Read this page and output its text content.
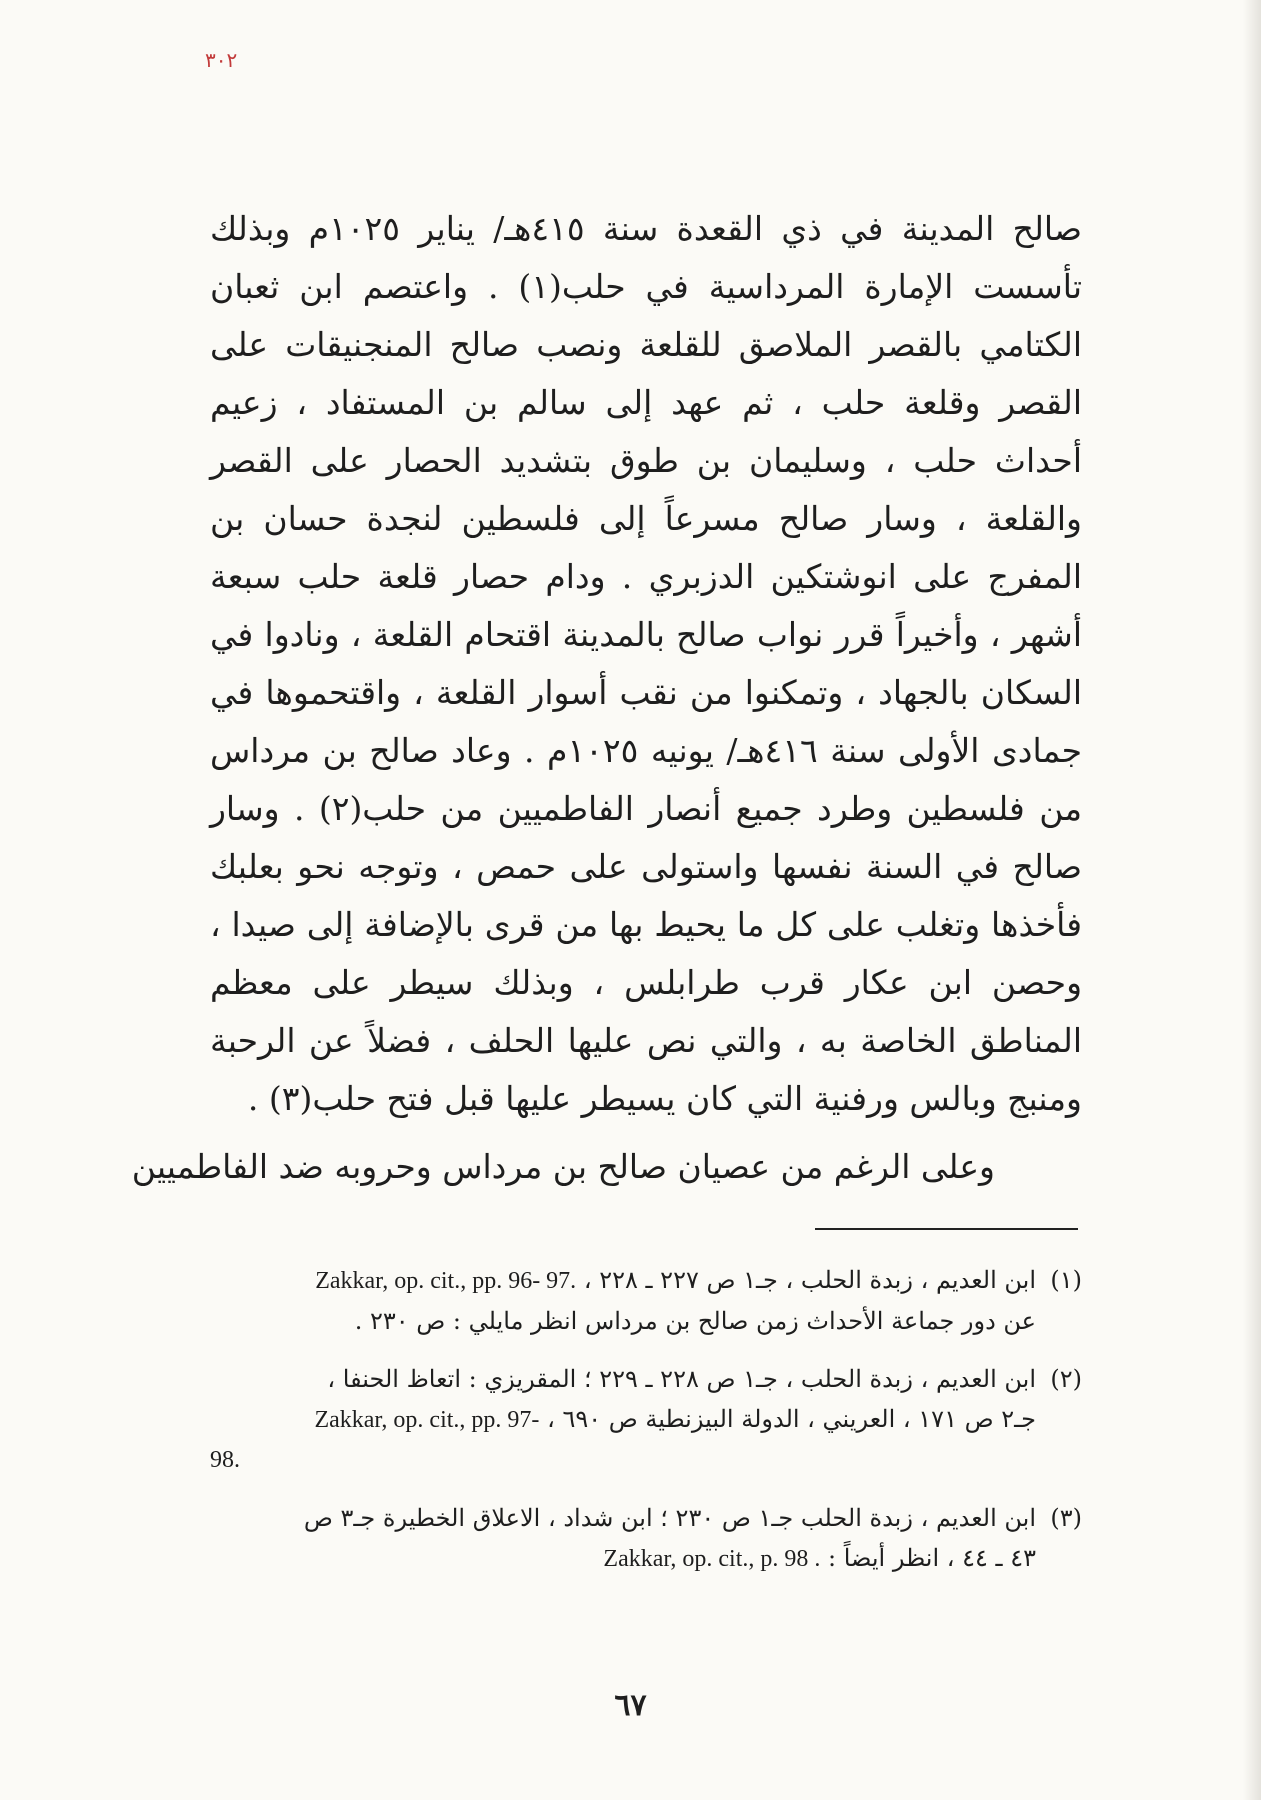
٣٠٢

صالح المدينة في ذي القعدة سنة ٤١٥هـ/ يناير ١٠٢٥م وبذلك تأسست الإمارة المرداسية في حلب(١) . واعتصم ابن ثعبان الكتامي بالقصر الملاصق للقلعة ونصب صالح المنجنيقات على القصر وقلعة حلب ، ثم عهد إلى سالم بن المستفاد ، زعيم أحداث حلب ، وسليمان بن طوق بتشديد الحصار على القصر والقلعة ، وسار صالح مسرعاً إلى فلسطين لنجدة حسان بن المفرج على انوشتكين الدزبري . ودام حصار قلعة حلب سبعة أشهر ، وأخيراً قرر نواب صالح بالمدينة اقتحام القلعة ، ونادوا في السكان بالجهاد ، وتمكنوا من نقب أسوار القلعة ، واقتحموها في جمادى الأولى سنة ٤١٦هـ/ يونيه ١٠٢٥م . وعاد صالح بن مرداس من فلسطين وطرد جميع أنصار الفاطميين من حلب(٢) . وسار صالح في السنة نفسها واستولى على حمص ، وتوجه نحو بعلبك فأخذها وتغلب على كل ما يحيط بها من قرى بالإضافة إلى صيدا ، وحصن ابن عكار قرب طرابلس ، وبذلك سيطر على معظم المناطق الخاصة به ، والتي نص عليها الحلف ، فضلاً عن الرحبة ومنبج وبالس ورفنية التي كان يسيطر عليها قبل فتح حلب(٣) .

وعلى الرغم من عصيان صالح بن مرداس وحروبه ضد الفاطميين
(١)
ابن العديم ، زبدة الحلب ، جـ١ ص ٢٢٧ ـ ٢٢٨ ، Zakkar, op. cit., pp. 96- 97.
عن دور جماعة الأحداث زمن صالح بن مرداس انظر مايلي : ص ٢٣٠ .
(٢)
ابن العديم ، زبدة الحلب ، جـ١ ص ٢٢٨ ـ ٢٢٩ ؛ المقريزي : اتعاظ الحنفا ،
جـ٢ ص ١٧١ ، العريني ، الدولة البيزنطية ص ٦٩٠ ، Zakkar, op. cit., pp. 97-
98.
(٣)
ابن العديم ، زبدة الحلب جـ١ ص ٢٣٠ ؛ ابن شداد ، الاعلاق الخطيرة جـ٣ ص
٤٣ ـ ٤٤ ، انظر أيضاً : Zakkar, op. cit., p. 98 .
٦٧
